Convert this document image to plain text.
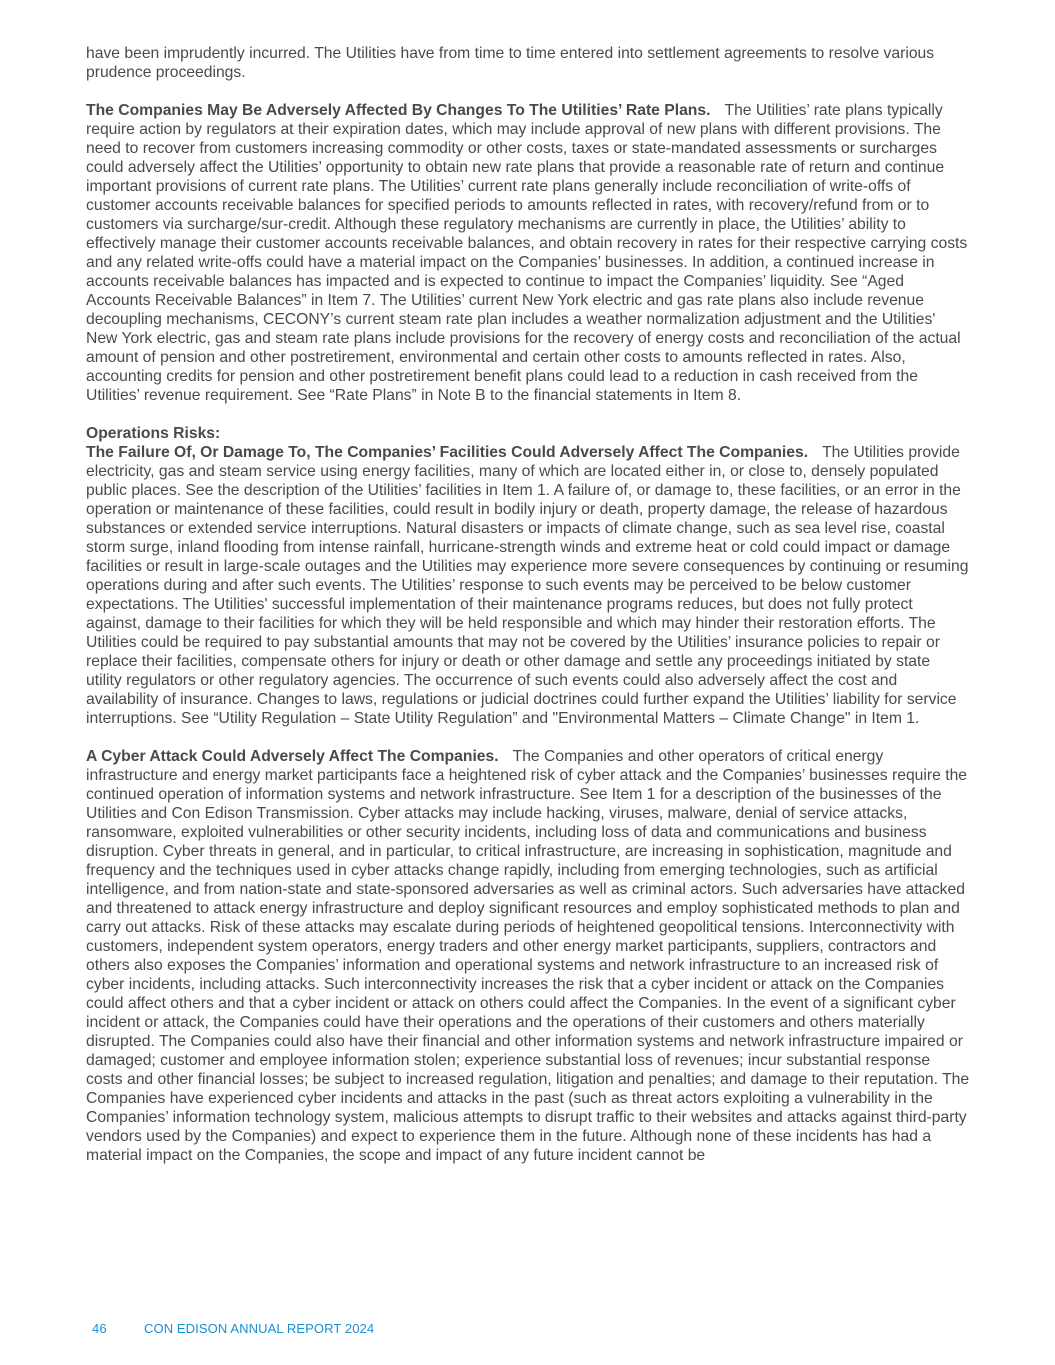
have been imprudently incurred. The Utilities have from time to time entered into settlement agreements to resolve various prudence proceedings.

The Companies May Be Adversely Affected By Changes To The Utilities’ Rate Plans. The Utilities’ rate plans typically require action by regulators at their expiration dates, which may include approval of new plans with different provisions. The need to recover from customers increasing commodity or other costs, taxes or state-mandated assessments or surcharges could adversely affect the Utilities’ opportunity to obtain new rate plans that provide a reasonable rate of return and continue important provisions of current rate plans. The Utilities’ current rate plans generally include reconciliation of write-offs of customer accounts receivable balances for specified periods to amounts reflected in rates, with recovery/refund from or to customers via surcharge/sur-credit. Although these regulatory mechanisms are currently in place, the Utilities’ ability to effectively manage their customer accounts receivable balances, and obtain recovery in rates for their respective carrying costs and any related write-offs could have a material impact on the Companies’ businesses. In addition, a continued increase in accounts receivable balances has impacted and is expected to continue to impact the Companies’ liquidity. See “Aged Accounts Receivable Balances” in Item 7. The Utilities’ current New York electric and gas rate plans also include revenue decoupling mechanisms, CECONY’s current steam rate plan includes a weather normalization adjustment and the Utilities' New York electric, gas and steam rate plans include provisions for the recovery of energy costs and reconciliation of the actual amount of pension and other postretirement, environmental and certain other costs to amounts reflected in rates. Also, accounting credits for pension and other postretirement benefit plans could lead to a reduction in cash received from the Utilities’ revenue requirement. See “Rate Plans” in Note B to the financial statements in Item 8.

Operations Risks:

The Failure Of, Or Damage To, The Companies’ Facilities Could Adversely Affect The Companies. The Utilities provide electricity, gas and steam service using energy facilities, many of which are located either in, or close to, densely populated public places. See the description of the Utilities’ facilities in Item 1. A failure of, or damage to, these facilities, or an error in the operation or maintenance of these facilities, could result in bodily injury or death, property damage, the release of hazardous substances or extended service interruptions. Natural disasters or impacts of climate change, such as sea level rise, coastal storm surge, inland flooding from intense rainfall, hurricane-strength winds and extreme heat or cold could impact or damage facilities or result in large-scale outages and the Utilities may experience more severe consequences by continuing or resuming operations during and after such events. The Utilities’ response to such events may be perceived to be below customer expectations. The Utilities' successful implementation of their maintenance programs reduces, but does not fully protect against, damage to their facilities for which they will be held responsible and which may hinder their restoration efforts. The Utilities could be required to pay substantial amounts that may not be covered by the Utilities’ insurance policies to repair or replace their facilities, compensate others for injury or death or other damage and settle any proceedings initiated by state utility regulators or other regulatory agencies. The occurrence of such events could also adversely affect the cost and availability of insurance. Changes to laws, regulations or judicial doctrines could further expand the Utilities’ liability for service interruptions. See “Utility Regulation – State Utility Regulation” and "Environmental Matters – Climate Change" in Item 1.

A Cyber Attack Could Adversely Affect The Companies. The Companies and other operators of critical energy infrastructure and energy market participants face a heightened risk of cyber attack and the Companies’ businesses require the continued operation of information systems and network infrastructure. See Item 1 for a description of the businesses of the Utilities and Con Edison Transmission. Cyber attacks may include hacking, viruses, malware, denial of service attacks, ransomware, exploited vulnerabilities or other security incidents, including loss of data and communications and business disruption. Cyber threats in general, and in particular, to critical infrastructure, are increasing in sophistication, magnitude and frequency and the techniques used in cyber attacks change rapidly, including from emerging technologies, such as artificial intelligence, and from nation-state and state-sponsored adversaries as well as criminal actors. Such adversaries have attacked and threatened to attack energy infrastructure and deploy significant resources and employ sophisticated methods to plan and carry out attacks. Risk of these attacks may escalate during periods of heightened geopolitical tensions. Interconnectivity with customers, independent system operators, energy traders and other energy market participants, suppliers, contractors and others also exposes the Companies’ information and operational systems and network infrastructure to an increased risk of cyber incidents, including attacks. Such interconnectivity increases the risk that a cyber incident or attack on the Companies could affect others and that a cyber incident or attack on others could affect the Companies. In the event of a significant cyber incident or attack, the Companies could have their operations and the operations of their customers and others materially disrupted. The Companies could also have their financial and other information systems and network infrastructure impaired or damaged; customer and employee information stolen; experience substantial loss of revenues; incur substantial response costs and other financial losses; be subject to increased regulation, litigation and penalties; and damage to their reputation. The Companies have experienced cyber incidents and attacks in the past (such as threat actors exploiting a vulnerability in the Companies’ information technology system, malicious attempts to disrupt traffic to their websites and attacks against third-party vendors used by the Companies) and expect to experience them in the future. Although none of these incidents has had a material impact on the Companies, the scope and impact of any future incident cannot be

46	CON EDISON ANNUAL REPORT 2024
